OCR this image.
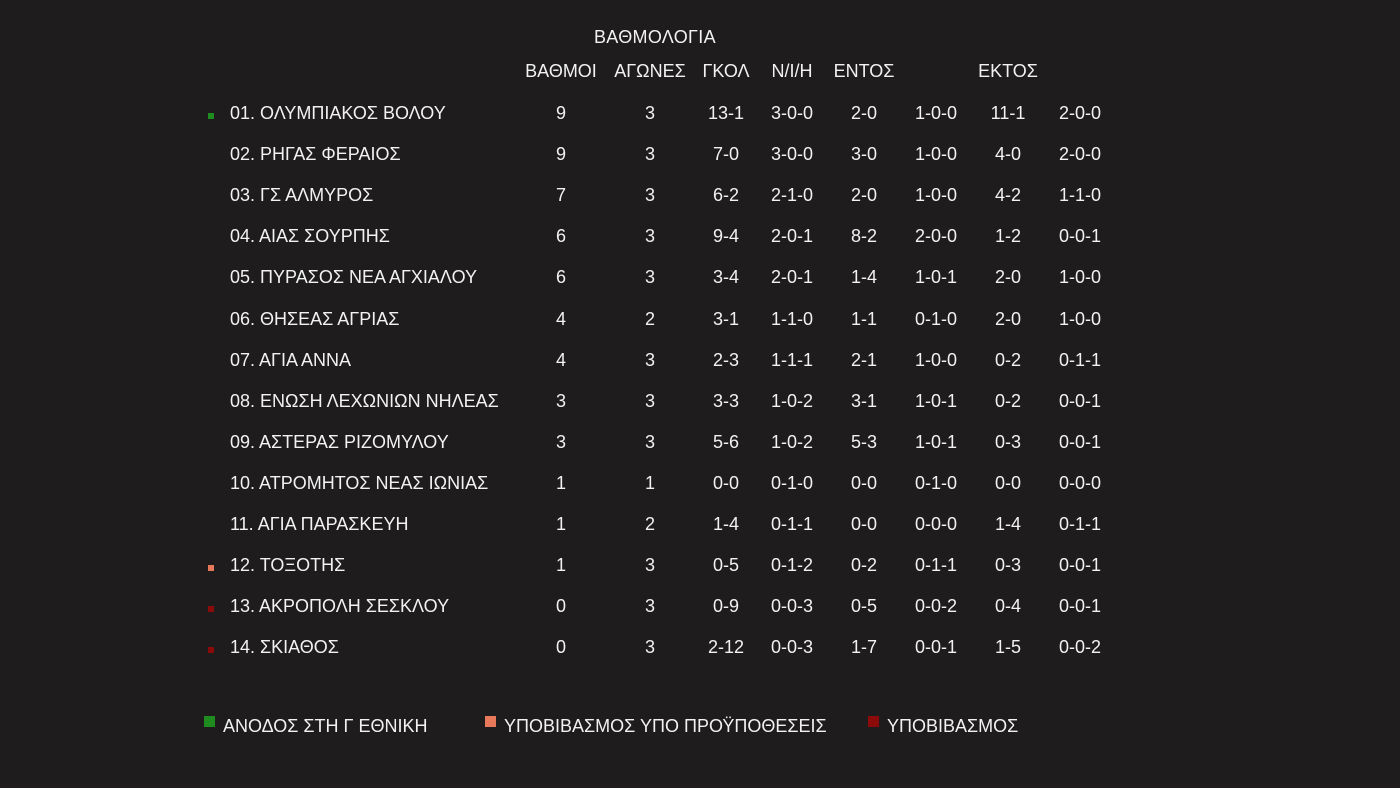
ΒΑΘΜΟΛΟΓΙΑ
ΒΑΘΜΟΙ ΑΓΩΝΕΣ ΓΚΟΛ Ν/Ι/Η ΕΝΤΟΣ	ΕΚΤΟΣ
01. ΟΛΥΜΠΙΑΚΟΣ ΒΟΛΟΥ	9	3	13-1 3-0-0 2-0 1-0-0 11-1 2-0-0
02. ΡΗΓΑΣ ΦΕΡΑΙΟΣ	9	3	7-0 3-0-0 3-0 1-0-0 4-0 2-0-0
03. ΓΣ ΑΛΜΥΡΟΣ	7	3	6-2 2-1-0 2-0 1-0-0 4-2 1-1-0
04. ΑΙΑΣ ΣΟΥΡΠΗΣ	6	3	9-4 2-0-1 8-2 2-0-0 1-2 0-0-1
05. ΠΥΡΑΣΟΣ ΝΕΑ ΑΓΧΙΑΛΟΥ	6	3	3-4 2-0-1 1-4 1-0-1 2-0 1-0-0
06. ΘΗΣΕΑΣ ΑΓΡΙΑΣ	4	2	3-1 1-1-0 1-1 0-1-0 2-0 1-0-0
07. ΑΓΙΑ ΑΝΝΑ	4	3	2-3 1-1-1 2-1 1-0-0 0-2 0-1-1
08. ΕΝΩΣΗ ΛΕΧΩΝΙΩΝ ΝΗΛΕΑΣ	3	3	3-3 1-0-2 3-1 1-0-1 0-2 0-0-1
09. ΑΣΤΕΡΑΣ ΡΙΖΟΜΥΛΟΥ	3	3	5-6 1-0-2 5-3 1-0-1 0-3 0-0-1
10. ΑΤΡΟΜΗΤΟΣ ΝΕΑΣ ΙΩΝΙΑΣ	1	1	0-0 0-1-0 0-0 0-1-0 0-0 0-0-0
11. ΑΓΙΑ ΠΑΡΑΣΚΕΥΗ	1	2	1-4 0-1-1 0-0 0-0-0 1-4 0-1-1
12. ΤΟΞΟΤΗΣ	1	3	0-5 0-1-2 0-2 0-1-1 0-3 0-0-1
13. ΑΚΡΟΠΟΛΗ ΣΕΣΚΛΟΥ	0	3	0-9 0-0-3 0-5 0-0-2 0-4 0-0-1
14. ΣΚΙΑΘΟΣ	0	3	2-12 0-0-3 1-7 0-0-1 1-5 0-0-2
ΑΝΟΔΟΣ ΣΤΗ Γ ΕΘΝΙΚΗ	ΥΠΟΒΙΒΑΣΜΟΣ ΥΠΟ ΠΡΟΫΠΟΘΕΣΕΙΣ	ΥΠΟΒΙΒΑΣΜΟΣ
